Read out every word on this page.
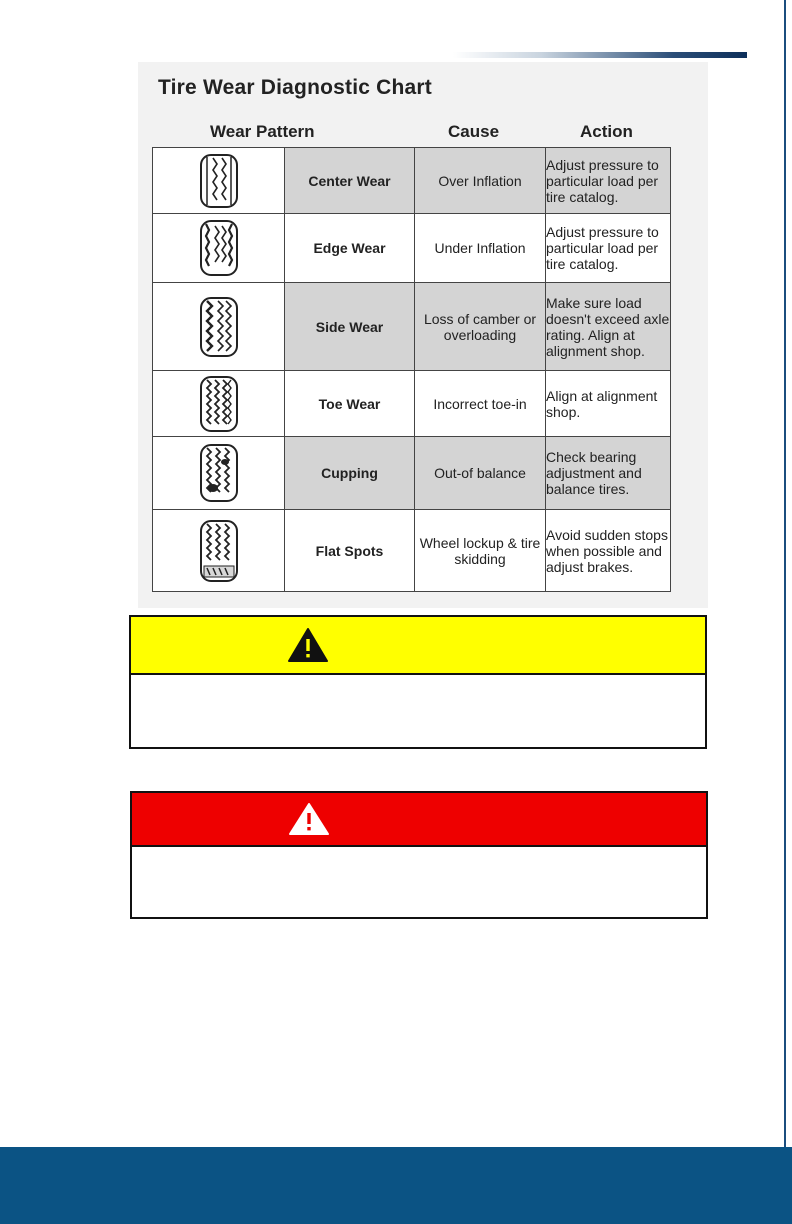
Tire Wear Diagnostic Chart
Wear Pattern	Cause	Action
	Center Wear	Over Inflation	Adjust pressure to particular load per tire catalog.

	Edge Wear	Under Inflation	Adjust pressure to particular load per tire catalog.

	Side Wear	Loss of camber or overloading	Make sure load doesn't exceed axle rating. Align at alignment shop.

	Toe Wear	Incorrect toe-in	Align at alignment shop.

	Cupping	Out-of balance	Check bearing adjustment and balance tires.

	Flat Spots	Wheel lockup & tire skidding	Avoid sudden stops when possible and adjust brakes.
